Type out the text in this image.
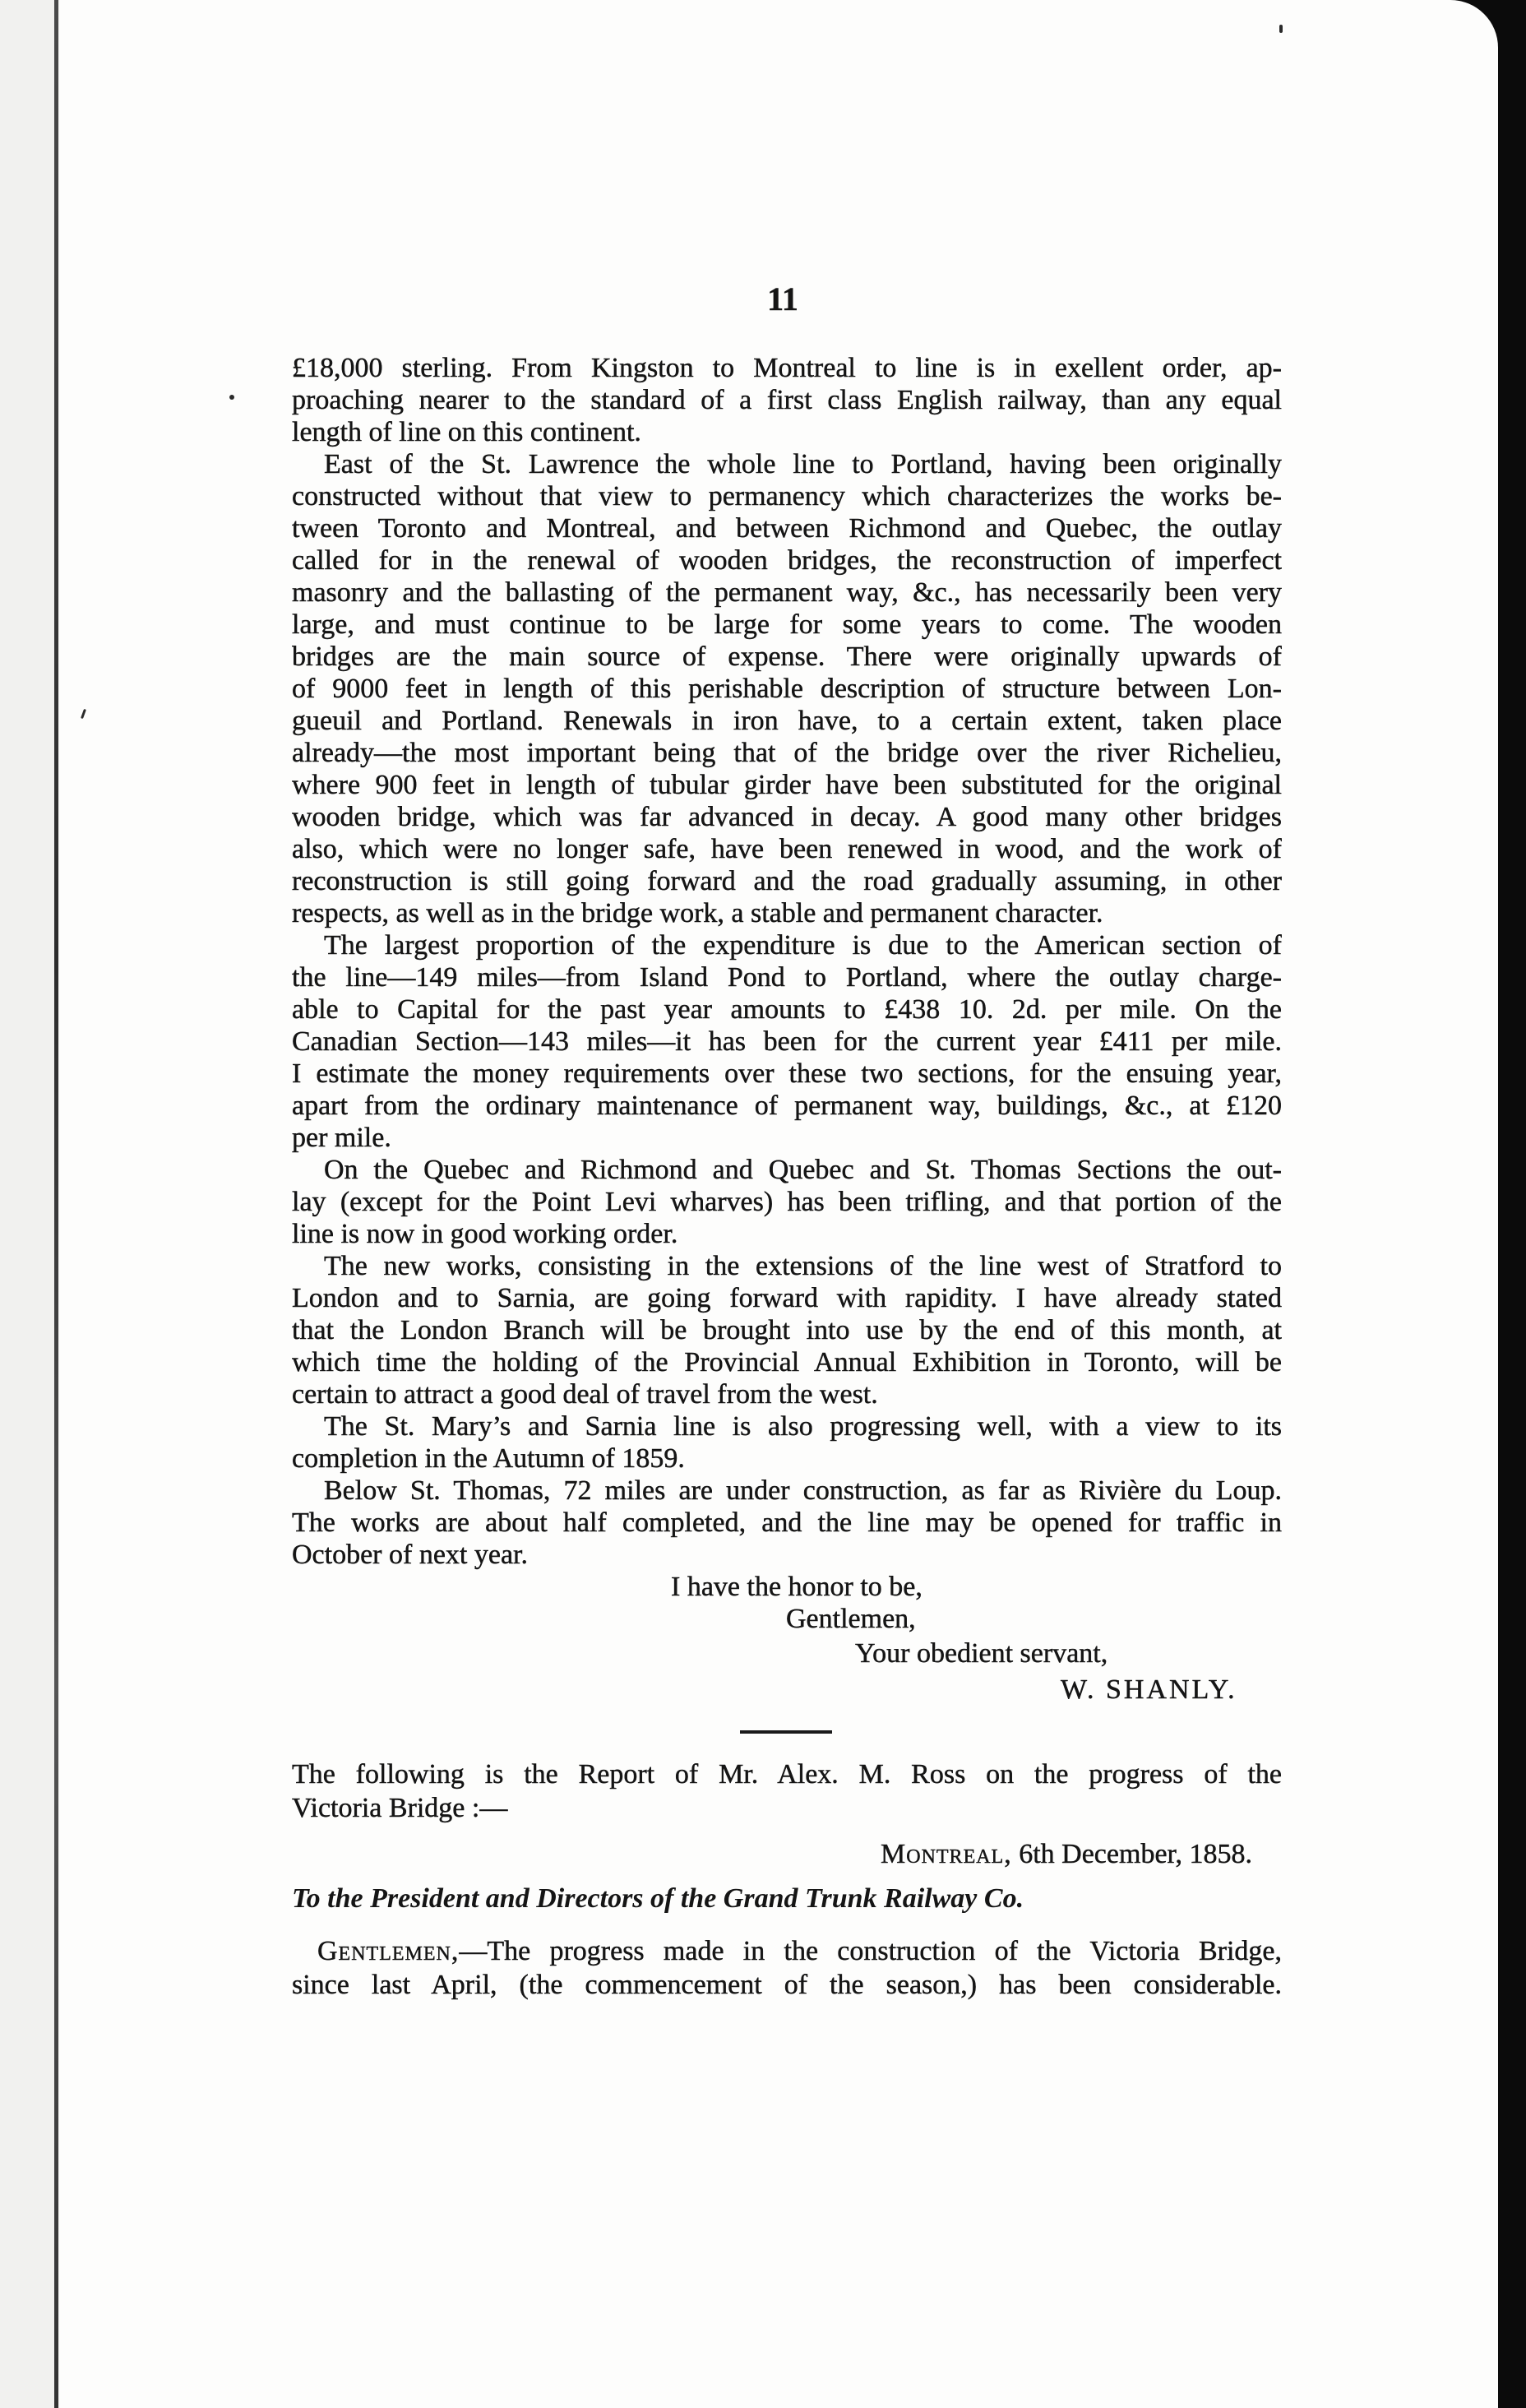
11
£18,000 sterling. From Kingston to Montreal to line is in exellent order, ap-
proaching nearer to the standard of a first class English railway, than any equal
length of line on this continent.
East of the St. Lawrence the whole line to Portland, having been originally
constructed without that view to permanency which characterizes the works be-
tween Toronto and Montreal, and between Richmond and Quebec, the outlay
called for in the renewal of wooden bridges, the reconstruction of imperfect
masonry and the ballasting of the permanent way, &c., has necessarily been very
large, and must continue to be large for some years to come. The wooden
bridges are the main source of expense. There were originally upwards of
of 9000 feet in length of this perishable description of structure between Lon-
gueuil and Portland. Renewals in iron have, to a certain extent, taken place
already—the most important being that of the bridge over the river Richelieu,
where 900 feet in length of tubular girder have been substituted for the original
wooden bridge, which was far advanced in decay. A good many other bridges
also, which were no longer safe, have been renewed in wood, and the work of
reconstruction is still going forward and the road gradually assuming, in other
respects, as well as in the bridge work, a stable and permanent character.
The largest proportion of the expenditure is due to the American section of
the line—149 miles—from Island Pond to Portland, where the outlay charge-
able to Capital for the past year amounts to £438 10. 2d. per mile. On the
Canadian Section—143 miles—it has been for the current year £411 per mile.
I estimate the money requirements over these two sections, for the ensuing year,
apart from the ordinary maintenance of permanent way, buildings, &c., at £120
per mile.
On the Quebec and Richmond and Quebec and St. Thomas Sections the out-
lay (except for the Point Levi wharves) has been trifling, and that portion of the
line is now in good working order.
The new works, consisting in the extensions of the line west of Stratford to
London and to Sarnia, are going forward with rapidity. I have already stated
that the London Branch will be brought into use by the end of this month, at
which time the holding of the Provincial Annual Exhibition in Toronto, will be
certain to attract a good deal of travel from the west.
The St. Mary’s and Sarnia line is also progressing well, with a view to its
completion in the Autumn of 1859.
Below St. Thomas, 72 miles are under construction, as far as Rivière du Loup.
The works are about half completed, and the line may be opened for traffic in
October of next year.
I have the honor to be,
Gentlemen,
Your obedient servant,
W. SHANLY.
The following is the Report of Mr. Alex. M. Ross on the progress of the
Victoria Bridge :—
Montreal, 6th December, 1858.
To the President and Directors of the Grand Trunk Railway Co.
Gentlemen,—The progress made in the construction of the Victoria Bridge,
since last April, (the commencement of the season,) has been considerable.
